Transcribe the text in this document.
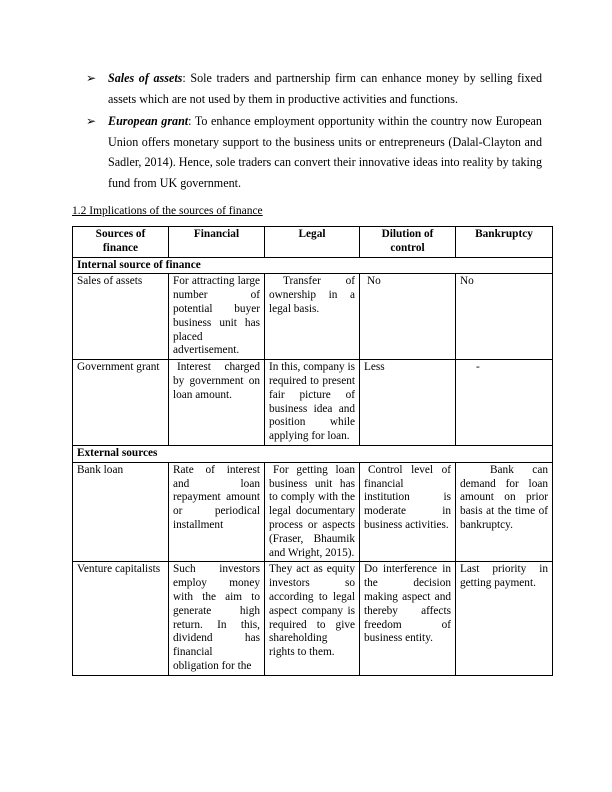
➢ Sales of assets: Sole traders and partnership firm can enhance money by selling fixed assets which are not used by them in productive activities and functions.

➢ European grant: To enhance employment opportunity within the country now European Union offers monetary support to the business units or entrepreneurs (Dalal-Clayton and Sadler, 2014). Hence, sole traders can convert their innovative ideas into reality by taking fund from UK government.

1.2 Implications of the sources of finance
Sources of finance	Financial	Legal	Dilution of control	Bankruptcy
Internal source of finance				
Sales of assets	For attracting large number of potential buyer business unit has placed advertisement.	Transfer of ownership in a legal basis.	No	No
Government grant	Interest charged by government on loan amount.	In this, company is required to present fair picture of business idea and position while applying for loan.	Less	-
External sources				
Bank loan	Rate of interest and loan repayment amount or periodical installment	For getting loan business unit has to comply with the legal documentary process or aspects (Fraser, Bhaumik and Wright, 2015).	Control level of financial institution is moderate in business activities.	Bank can demand for loan amount on prior basis at the time of bankruptcy.
Venture capitalists	Such investors employ money with the aim to generate high return. In this, dividend has financial obligation for the	They act as equity investors so according to legal aspect company is required to give shareholding rights to them.	Do interference in the decision making aspect and thereby affects freedom of business entity.	Last priority in getting payment.
